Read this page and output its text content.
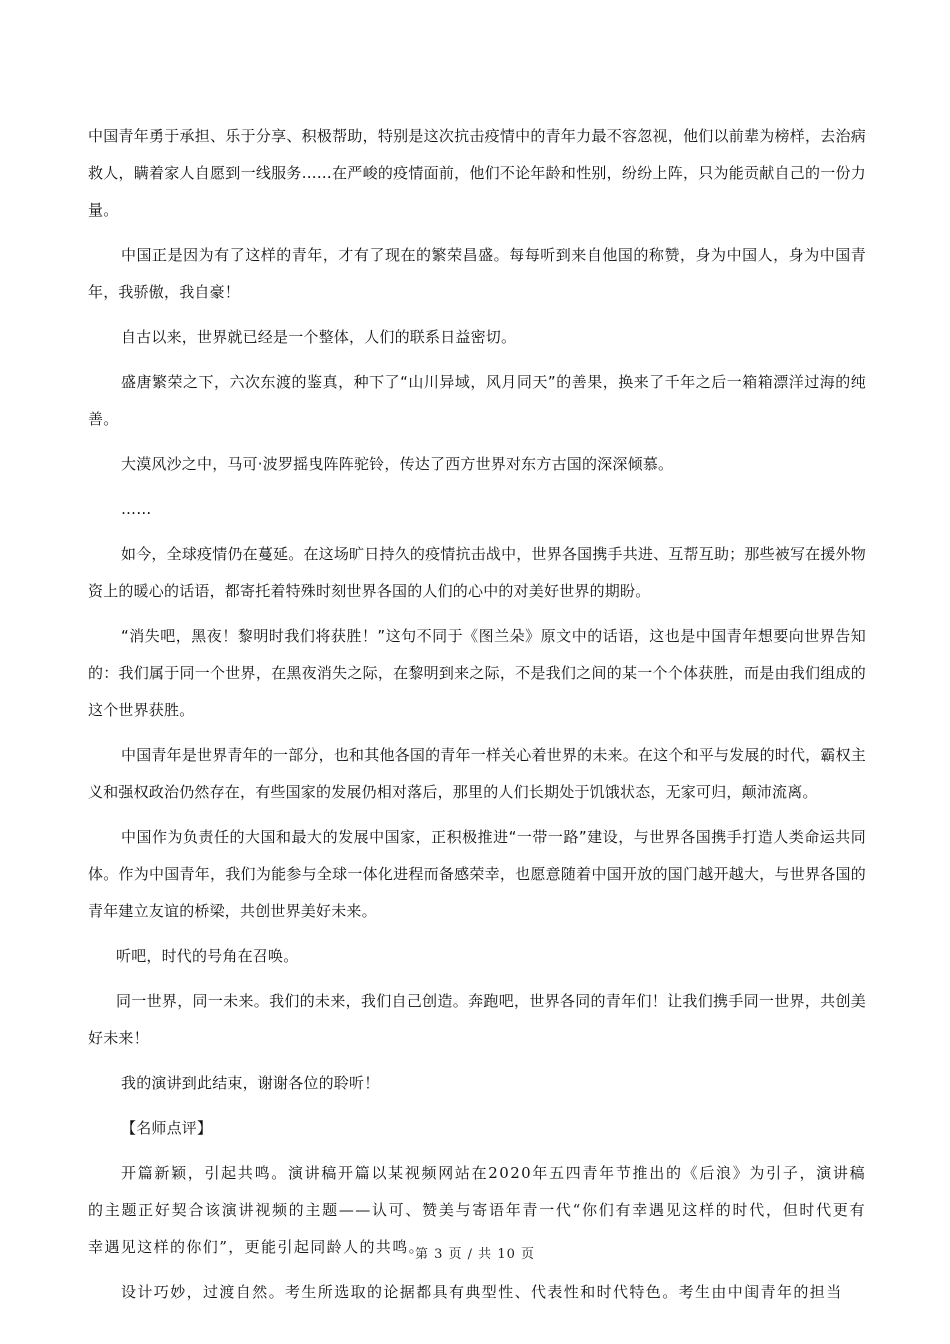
中国青年勇于承担、乐于分享、积极帮助，特别是这次抗击疫情中的青年力最不容忽视，他们以前辈为榜样，去治病救人，瞒着家人自愿到一线服务……在严峻的疫情面前，他们不论年龄和性别，纷纷上阵，只为能贡献自己的一份力量。

中国正是因为有了这样的青年，才有了现在的繁荣昌盛。每每听到来自他国的称赞，身为中国人，身为中国青年，我骄傲，我自豪！

自古以来，世界就已经是一个整体，人们的联系日益密切。

盛唐繁荣之下，六次东渡的鉴真，种下了“山川异域，风月同天”的善果，换来了千年之后一箱箱漂洋过海的纯善。

大漠风沙之中，马可·波罗摇曳阵阵驼铃，传达了西方世界对东方古国的深深倾慕。

……

如今，全球疫情仍在蔓延。在这场旷日持久的疫情抗击战中，世界各国携手共进、互帮互助；那些被写在援外物资上的暖心的话语，都寄托着特殊时刻世界各国的人们的心中的对美好世界的期盼。

“消失吧，黑夜！黎明时我们将获胜！”这句不同于《图兰朵》原文中的话语，这也是中国青年想要向世界告知的：我们属于同一个世界，在黑夜消失之际，在黎明到来之际，不是我们之间的某一个个体获胜，而是由我们组成的这个世界获胜。

中国青年是世界青年的一部分，也和其他各国的青年一样关心着世界的未来。在这个和平与发展的时代，霸权主义和强权政治仍然存在，有些国家的发展仍相对落后，那里的人们长期处于饥饿状态，无家可归，颠沛流离。

中国作为负责任的大国和最大的发展中国家，正积极推进“一带一路”建设，与世界各国携手打造人类命运共同体。作为中国青年，我们为能参与全球一体化进程而备感荣幸，也愿意随着中国开放的国门越开越大，与世界各国的青年建立友谊的桥梁，共创世界美好未来。

听吧，时代的号角在召唤。

同一世界，同一未来。我们的未来，我们自己创造。奔跑吧，世界各同的青年们！让我们携手同一世界，共创美好未来！

我的演讲到此结束，谢谢各位的聆听！

【名师点评】

开篇新颖，引起共鸣。演讲稿开篇以某视频网站在2020年五四青年节推出的《后浪》为引子，演讲稿的主题正好契合该演讲视频的主题——认可、赞美与寄语年青一代“你们有幸遇见这样的时代，但时代更有幸遇见这样的你们”，更能引起同龄人的共鸣。

设计巧妙，过渡自然。考生所选取的论据都具有典型性、代表性和时代特色。考生由中闺青年的担当

第 3 页 / 共 10 页
